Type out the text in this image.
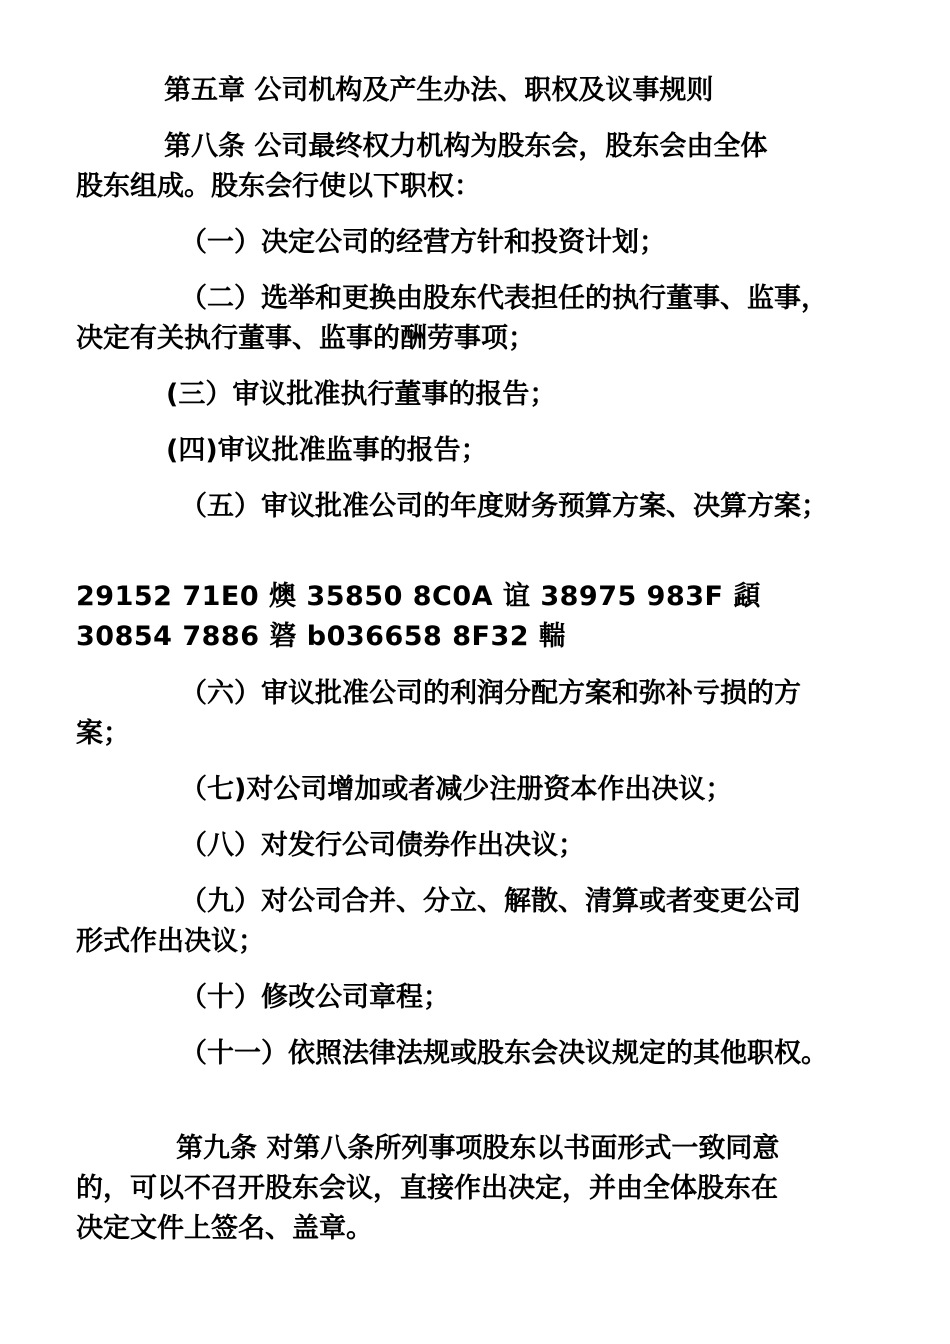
第五章 公司机构及产生办法、职权及议事规则
第八条 公司最终权力机构为股东会，股东会由全体
股东组成。股东会行使以下职权：
（一）决定公司的经营方针和投资计划；
（二）选举和更换由股东代表担任的执行董事、监事，
决定有关执行董事、监事的酬劳事项；
(三）审议批准执行董事的报告；
(四)审议批准监事的报告；
（五）审议批准公司的年度财务预算方案、决算方案；
29152 71E0 燠 35850 8C0A 谊 38975 983F 頿
30854 7886 碆 b036658 8F32 輲
（六）审议批准公司的利润分配方案和弥补亏损的方
案；
（七)对公司增加或者减少注册资本作出决议；
（八）对发行公司债券作出决议；
（九）对公司合并、分立、解散、清算或者变更公司
形式作出决议；
（十）修改公司章程；
（十一）依照法律法规或股东会决议规定的其他职权。
第九条 对第八条所列事项股东以书面形式一致同意
的，可以不召开股东会议，直接作出决定，并由全体股东在
决定文件上签名、盖章。
